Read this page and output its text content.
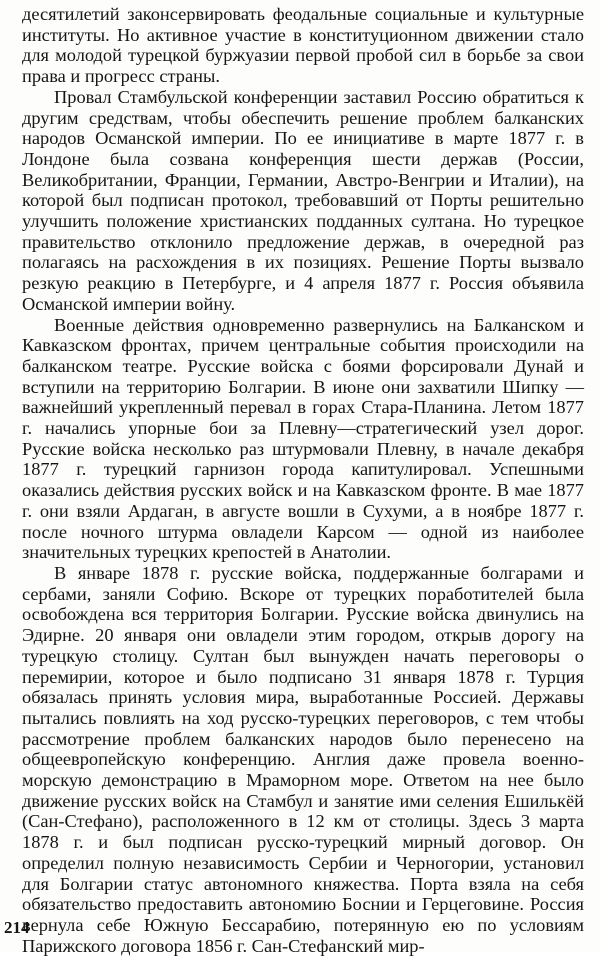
десятилетий законсервировать феодальные социальные и культурные институты. Но активное участие в конституционном движении стало для молодой турецкой буржуазии первой пробой сил в борьбе за свои права и прогресс страны.

Провал Стамбульской конференции заставил Россию обратиться к другим средствам, чтобы обеспечить решение проблем балканских народов Османской империи. По ее инициативе в марте 1877 г. в Лондоне была созвана конференция шести держав (России, Великобритании, Франции, Германии, Австро-Венгрии и Италии), на которой был подписан протокол, требовавший от Порты решительно улучшить положение христианских подданных султана. Но турецкое правительство отклонило предложение держав, в очередной раз полагаясь на расхождения в их позициях. Решение Порты вызвало резкую реакцию в Петербурге, и 4 апреля 1877 г. Россия объявила Османской империи войну.

Военные действия одновременно развернулись на Балканском и Кавказском фронтах, причем центральные события происходили на балканском театре. Русские войска с боями форсировали Дунай и вступили на территорию Болгарии. В июне они захватили Шипку — важнейший укрепленный перевал в горах Стара-Планина. Летом 1877 г. начались упорные бои за Плевну—стратегический узел дорог. Русские войска несколько раз штурмовали Плевну, в начале декабря 1877 г. турецкий гарнизон города капитулировал. Успешными оказались действия русских войск и на Кавказском фронте. В мае 1877 г. они взяли Ардаган, в августе вошли в Сухуми, а в ноябре 1877 г. после ночного штурма овладели Карсом — одной из наиболее значительных турецких крепостей в Анатолии.

В январе 1878 г. русские войска, поддержанные болгарами и сербами, заняли Софию. Вскоре от турецких поработителей была освобождена вся территория Болгарии. Русские войска двинулись на Эдирне. 20 января они овладели этим городом, открыв дорогу на турецкую столицу. Султан был вынужден начать переговоры о перемирии, которое и было подписано 31 января 1878 г. Турция обязалась принять условия мира, выработанные Россией. Державы пытались повлиять на ход русско-турецких переговоров, с тем чтобы рассмотрение проблем балканских народов было перенесено на общеевропейскую конференцию. Англия даже провела военно-морскую демонстрацию в Мраморном море. Ответом на нее было движение русских войск на Стамбул и занятие ими селения Ешилькёй (Сан-Стефано), расположенного в 12 км от столицы. Здесь 3 марта 1878 г. и был подписан русско-турецкий мирный договор. Он определил полную независимость Сербии и Черногории, установил для Болгарии статус автономного княжества. Порта взяла на себя обязательство предоставить автономию Боснии и Герцеговине. Россия вернула себе Южную Бессарабию, потерянную ею по условиям Парижского договора 1856 г. Сан-Стефанский мир-

214
